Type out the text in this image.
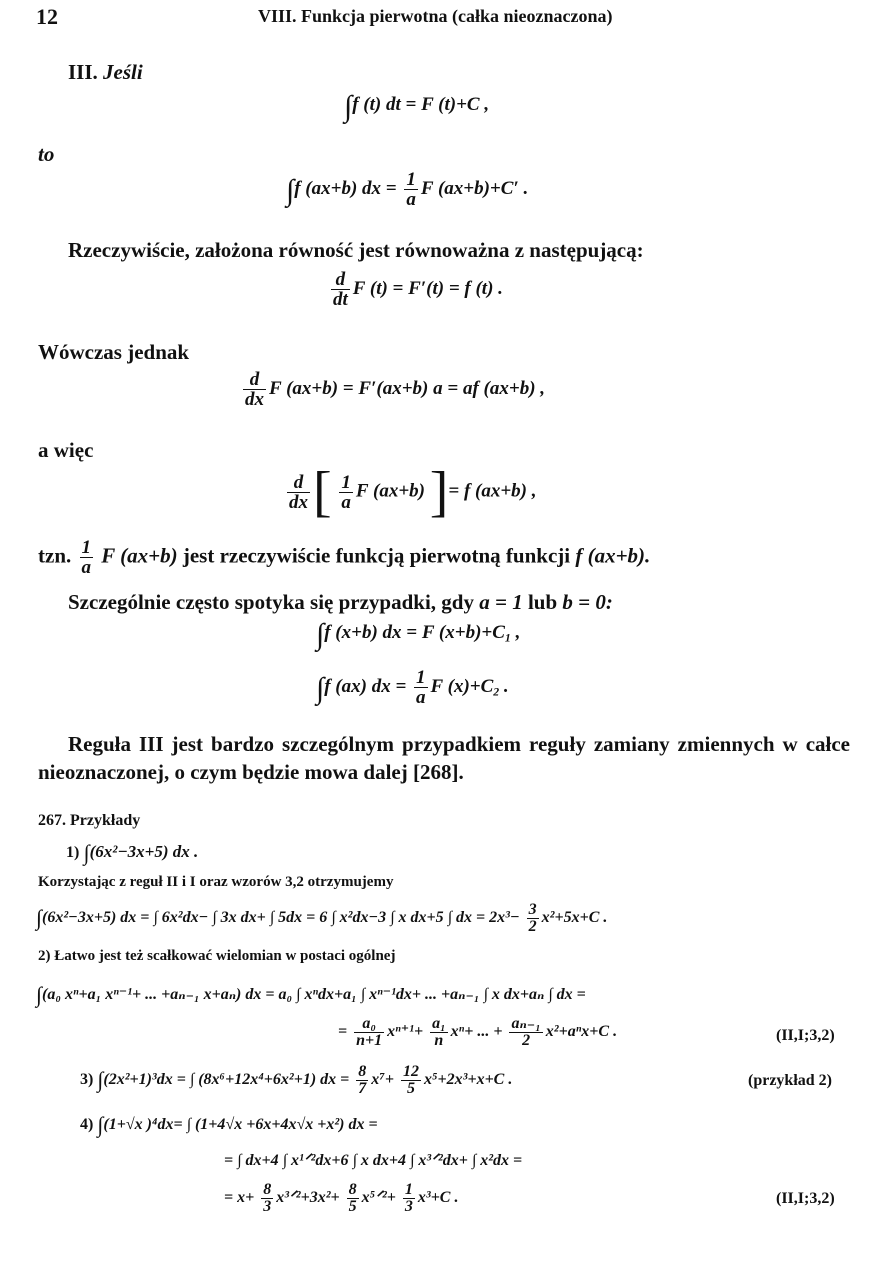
12	VIII. Funkcja pierwotna (całka nieoznaczona)
III. Jeśli
∫f (t) dt = F (t)+C ,
to
∫f (ax+b) dx = $\frac{1}{a}$ F (ax+b)+C′ .
Rzeczywiście, założona równość jest równoważna z następującą:
$\frac{d}{dt}$ F (t) = F′(t) = f (t) .
Wówczas jednak
$\frac{d}{dx}$ F (ax+b) = F′(ax+b) a = af (ax+b) ,
a więc
$\frac{d}{dx}$ [ $\frac{1}{a}$ F (ax+b) ]= f (ax+b) ,
tzn. $\frac{1}{a}$ F (ax+b) jest rzeczywiście funkcją pierwotną funkcji f (ax+b).
Szczególnie często spotyka się przypadki, gdy a = 1 lub b = 0:
∫f (x+b) dx = F (x+b)+C1 ,
∫f (ax) dx = $\frac{1}{a}$ F (x)+C2 .
Reguła III jest bardzo szczególnym przypadkiem reguły zamiany zmiennych w całce nieoznaczonej, o czym będzie mowa dalej [268].
267. Przykłady
1) ∫(6x²−3x+5) dx .
Korzystając z reguł II i I oraz wzorów 3,2 otrzymujemy
∫(6x²−3x+5) dx = ∫ 6x²dx− ∫ 3x dx+ ∫ 5dx = 6 ∫ x²dx−3 ∫ x dx+5 ∫ dx = $2x^3- \frac{3}{2} x^2+5x+C$ .
2) Łatwo jest też scałkować wielomian w postaci ogólnej
∫(a₀ xⁿ+a₁ xⁿ⁻¹+ ... +aₙ₋₁ x+aₙ) dx = a₀ ∫ xⁿdx+a₁ ∫ xⁿ⁻¹dx+ ... +aₙ₋₁ ∫ x dx+aₙ ∫ dx =
= $\frac{\text{a₀}}{n+1} x^{n+1}+ \frac{\text{a₁}}{n} x^n+$ ... + $\frac{\text{aₙ₋₁}}{2} x^2+a^nx+C$ .	(II,I;3,2)
3) ∫(2x²+1)³dx = ∫ (8x⁶+12x⁴+6x²+1) dx = $\frac{8}{7} x^7+ \frac{12}{5} x^5+2x^3+x+C$ .	(przykład 2)
4) ∫(1+√x )⁴dx= ∫ (1+4√x +6x+4x√x +x²) dx =
= ∫ dx+4 ∫ x¹ᐟ²dx+6 ∫ x dx+4 ∫ x³ᐟ²dx+ ∫ x²dx =
= $x+ \frac{8}{3}$ x³ᐟ²+3x²+ $\frac{8}{5}$ x⁵ᐟ²+ $\frac{1}{3} x^3+C$ .	(II,I;3,2)
